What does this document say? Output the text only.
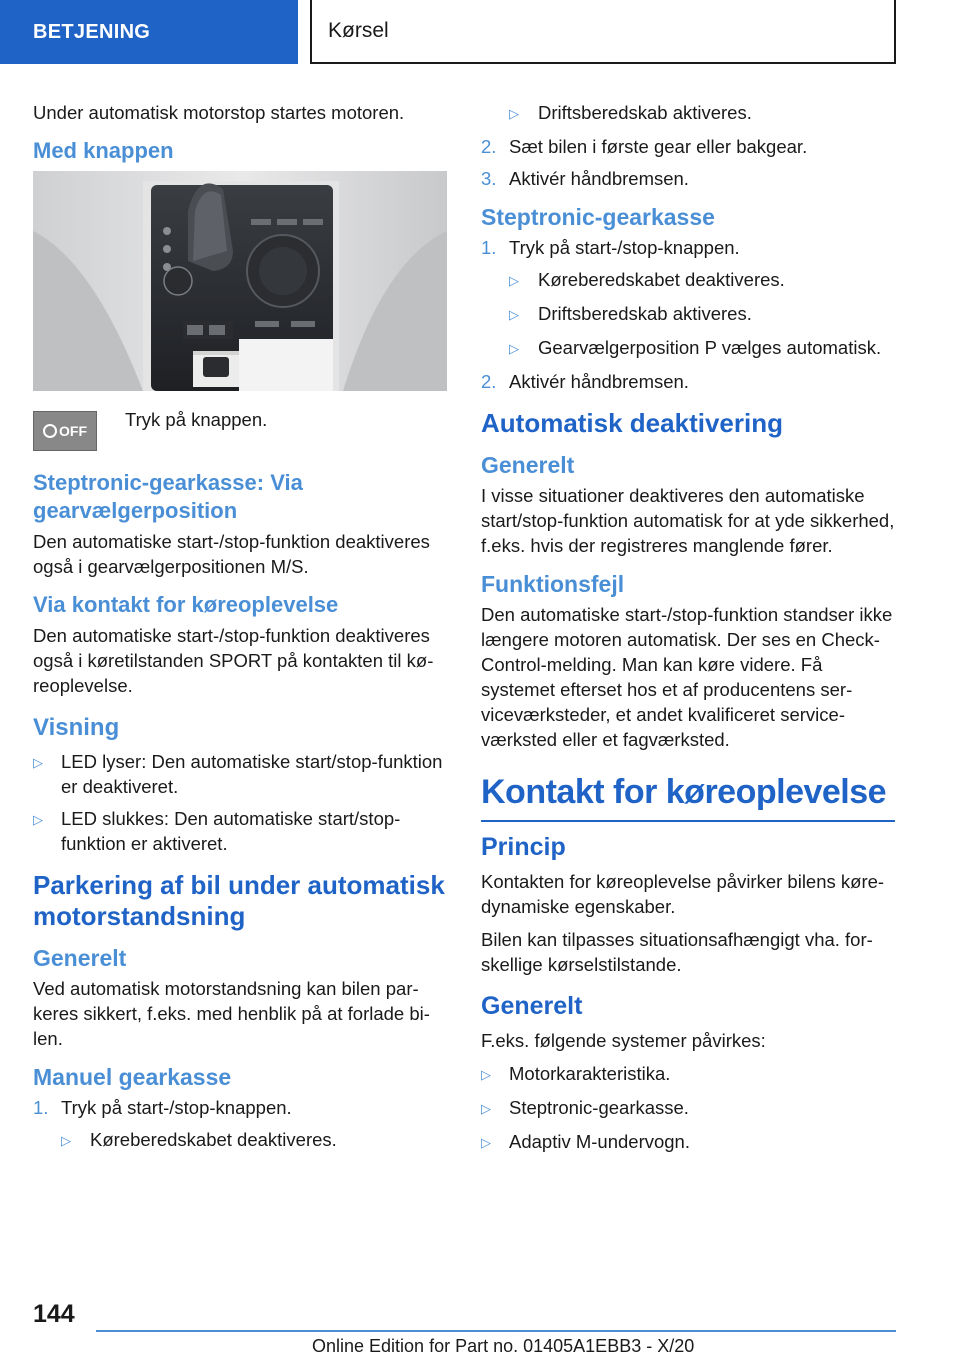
BETJENING	Kørsel

Under automatisk motorstop startes motoren.

Med knappen
OFF

Tryk på knappen.

Steptronic-gearkasse: Via gearvælgerposition

Den automatiske start-/stop-funktion deaktiveres også i gearvælgerpositionen M/S.

Via kontakt for køreoplevelse

Den automatiske start-/stop-funktion deaktiveres også i køretilstanden SPORT på kontakten til køreoplevelse.

Visning
▷ LED lyser: Den automatiske start/stop-funktion er deaktiveret.
▷ LED slukkes: Den automatiske start/stop-funktion er aktiveret.
Parkering af bil under automatisk motorstandsning
Generelt

Ved automatisk motorstandsning kan bilen parkeres sikkert, f.eks. med henblik på at forlade bilen.

Manuel gearkasse
1. Tryk på start-/stop-knappen.
▷	Køreberedskabet deaktiveres.
▷	Driftsberedskab aktiveres.
2. Sæt bilen i første gear eller bakgear.
3. Aktivér håndbremsen.
Steptronic-gearkasse
1. Tryk på start-/stop-knappen.
▷	Køreberedskabet deaktiveres.
▷	Driftsberedskab aktiveres.
▷	Gearvælgerposition P vælges automatisk.
2. Aktivér håndbremsen.
Automatisk deaktivering
Generelt

I visse situationer deaktiveres den automatiske start/stop-funktion automatisk for at yde sikkerhed, f.eks. hvis der registreres manglende fører.

Funktionsfejl

Den automatiske start-/stop-funktion standser ikke længere motoren automatisk. Der ses en Check-Control-melding. Man kan køre videre. Få systemet efterset hos et af producentens serviceværksteder, et andet kvalificeret serviceværksted eller et fagværksted.

Kontakt for køreoplevelse
Princip

Kontakten for køreoplevelse påvirker bilens køredynamiske egenskaber.

Bilen kan tilpasses situationsafhængigt vha. forskellige kørselstilstande.

Generelt

F.eks. følgende systemer påvirkes:

▷ Motorkarakteristika.
▷ Steptronic-gearkasse.
▷ Adaptiv M-undervogn.
144
Online Edition for Part no. 01405A1EBB3 - X/20
